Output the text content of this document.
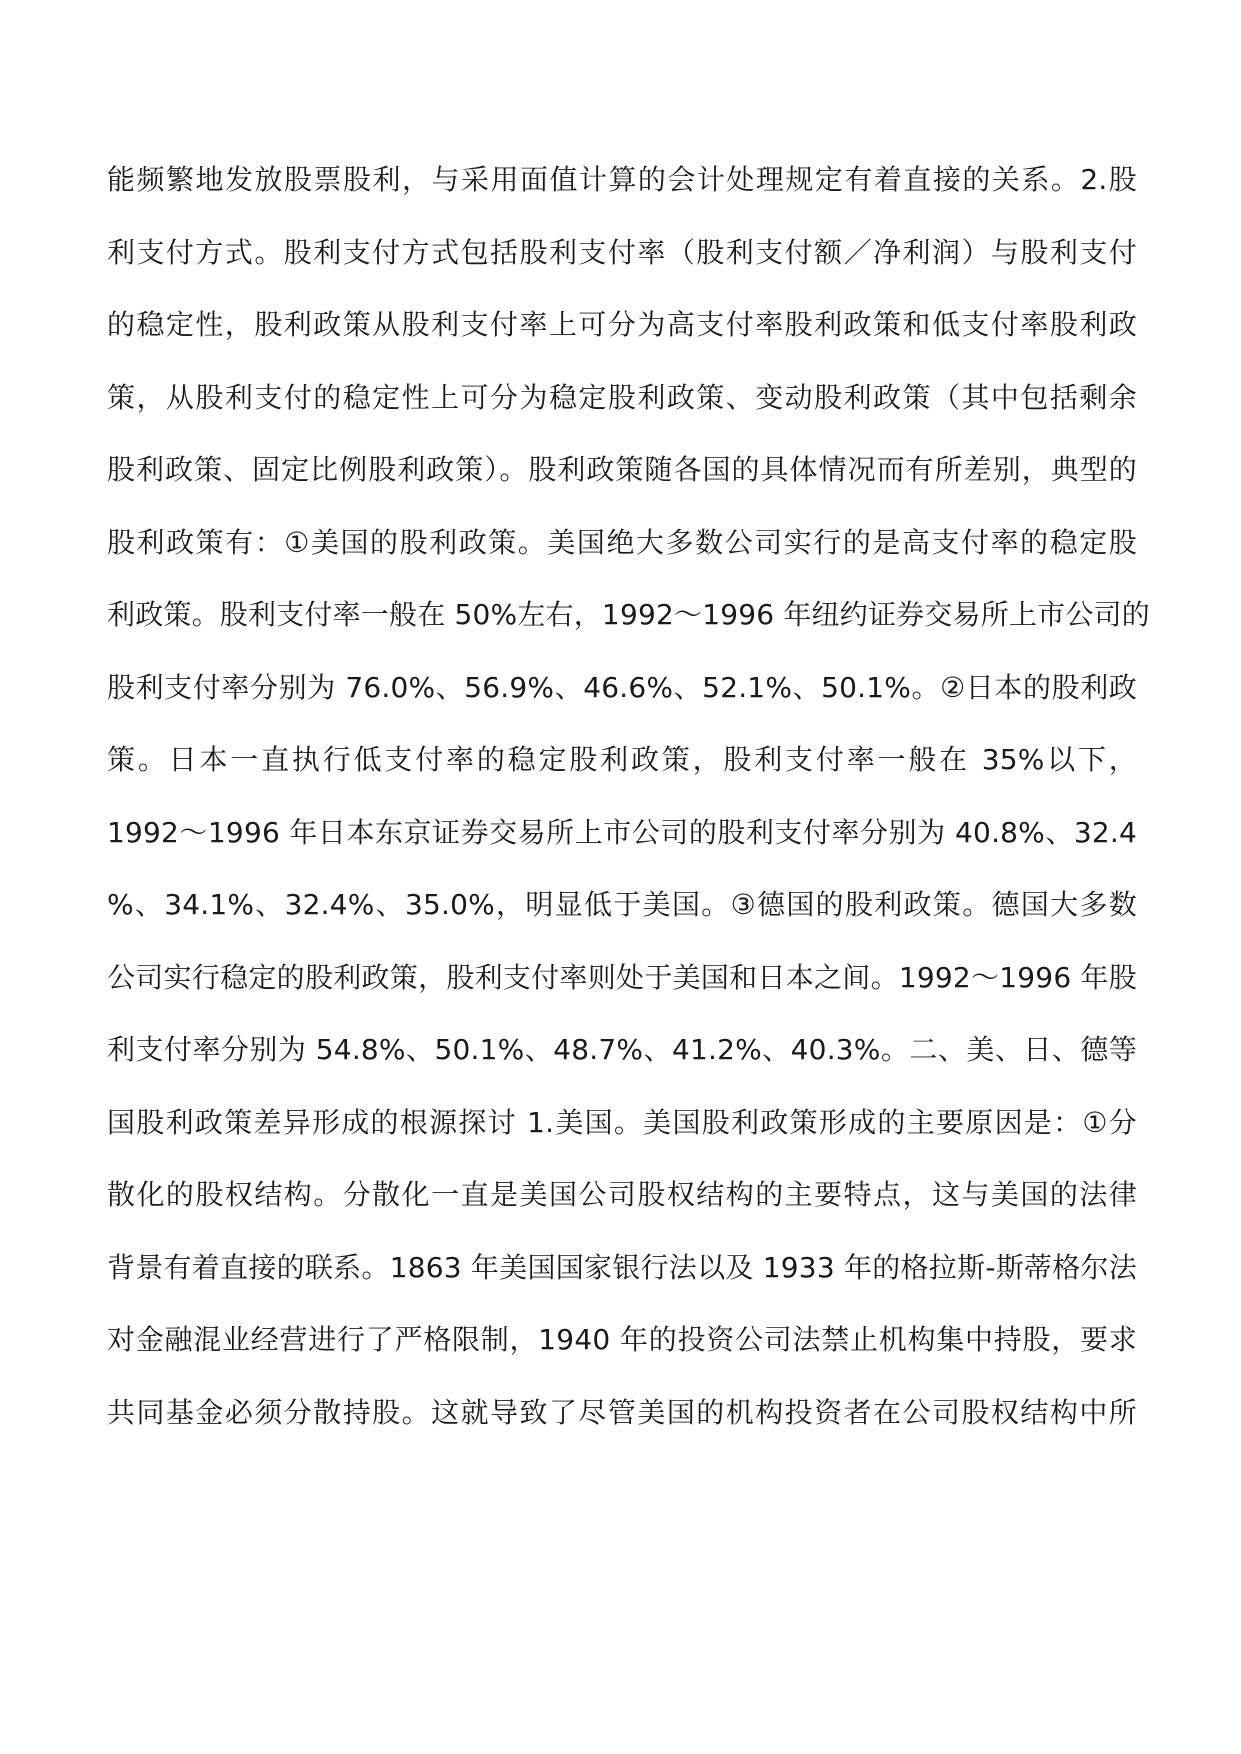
能频繁地发放股票股利，与采用面值计算的会计处理规定有着直接的关系。2.股
利支付方式。股利支付方式包括股利支付率（股利支付额／净利润）与股利支付
的稳定性，股利政策从股利支付率上可分为高支付率股利政策和低支付率股利政
策，从股利支付的稳定性上可分为稳定股利政策、变动股利政策（其中包括剩余
股利政策、固定比例股利政策）。股利政策随各国的具体情况而有所差别，典型的
股利政策有：①美国的股利政策。美国绝大多数公司实行的是高支付率的稳定股
利政策。股利支付率一般在 50%左右，1992～1996 年纽约证券交易所上市公司的
股利支付率分别为 76.0%、56.9%、46.6%、52.1%、50.1%。②日本的股利政
策。日本一直执行低支付率的稳定股利政策，股利支付率一般在 35%以下，
1992～1996 年日本东京证券交易所上市公司的股利支付率分别为 40.8%、32.4
%、34.1%、32.4%、35.0%，明显低于美国。③德国的股利政策。德国大多数
公司实行稳定的股利政策，股利支付率则处于美国和日本之间。1992～1996 年股
利支付率分别为 54.8%、50.1%、48.7%、41.2%、40.3%。二、美、日、德等
国股利政策差异形成的根源探讨 1.美国。美国股利政策形成的主要原因是：①分
散化的股权结构。分散化一直是美国公司股权结构的主要特点，这与美国的法律
背景有着直接的联系。1863 年美国国家银行法以及 1933 年的格拉斯-斯蒂格尔法
对金融混业经营进行了严格限制，1940 年的投资公司法禁止机构集中持股，要求
共同基金必须分散持股。这就导致了尽管美国的机构投资者在公司股权结构中所
